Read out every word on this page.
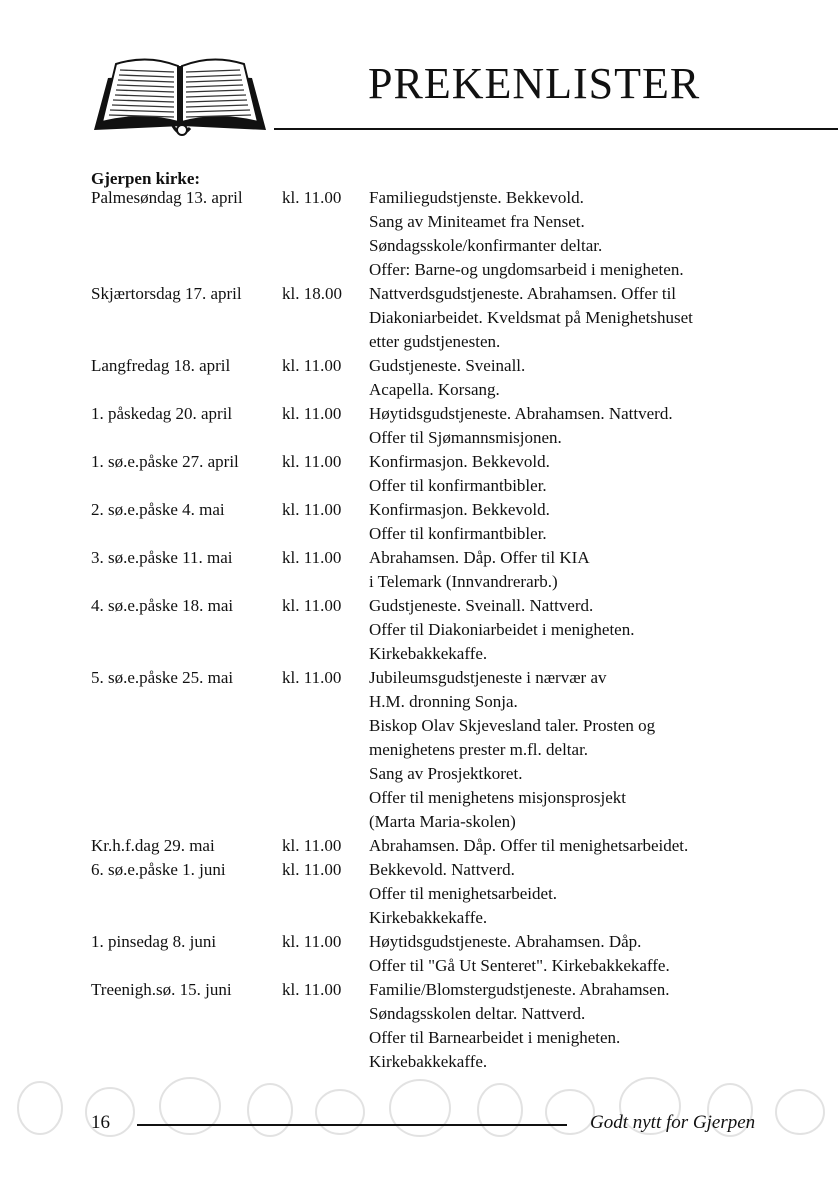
PREKENLISTER
Gjerpen kirke:
Palmesøndag 13. april	kl. 11.00	Familiegudstjenste. Bekkevold.
Sang av Miniteamet fra Nenset.
Søndagsskole/konfirmanter deltar.
Offer: Barne-og ungdomsarbeid i menigheten.
Skjærtorsdag 17. april	kl. 18.00	Nattverdsgudstjeneste. Abrahamsen. Offer til
Diakoniarbeidet. Kveldsmat på Menighetshuset
etter gudstjenesten.
Langfredag 18. april	kl. 11.00	Gudstjeneste. Sveinall.
Acapella. Korsang.
1. påskedag 20. april	kl. 11.00	Høytidsgudstjeneste. Abrahamsen. Nattverd.
Offer til Sjømannsmisjonen.
1. sø.e.påske 27. april	kl. 11.00	Konfirmasjon. Bekkevold.
Offer til konfirmantbibler.
2. sø.e.påske 4. mai	kl. 11.00	Konfirmasjon. Bekkevold.
Offer til konfirmantbibler.
3. sø.e.påske 11. mai	kl. 11.00	Abrahamsen. Dåp. Offer til KIA
i Telemark (Innvandrerarb.)
4. sø.e.påske 18. mai	kl. 11.00	Gudstjeneste. Sveinall. Nattverd.
Offer til Diakoniarbeidet i menigheten.
Kirkebakkekaffe.
5. sø.e.påske 25. mai	kl. 11.00	Jubileumsgudstjeneste i nærvær av
H.M. dronning Sonja.
Biskop Olav Skjevesland taler. Prosten og
menighetens prester m.fl. deltar.
Sang av Prosjektkoret.
Offer til menighetens misjonsprosjekt
(Marta Maria-skolen)
Kr.h.f.dag 29. mai	kl. 11.00	Abrahamsen. Dåp. Offer til menighetsarbeidet.
6. sø.e.påske 1. juni	kl. 11.00	Bekkevold. Nattverd.
Offer til menighetsarbeidet.
Kirkebakkekaffe.
1. pinsedag 8. juni	kl. 11.00	Høytidsgudstjeneste. Abrahamsen. Dåp.
Offer til "Gå Ut Senteret". Kirkebakkekaffe.
Treenigh.sø. 15. juni	kl. 11.00	Familie/Blomstergudstjeneste. Abrahamsen.
Søndagsskolen deltar. Nattverd.
Offer til Barnearbeidet i menigheten.
Kirkebakkekaffe.
16	Godt nytt for Gjerpen
